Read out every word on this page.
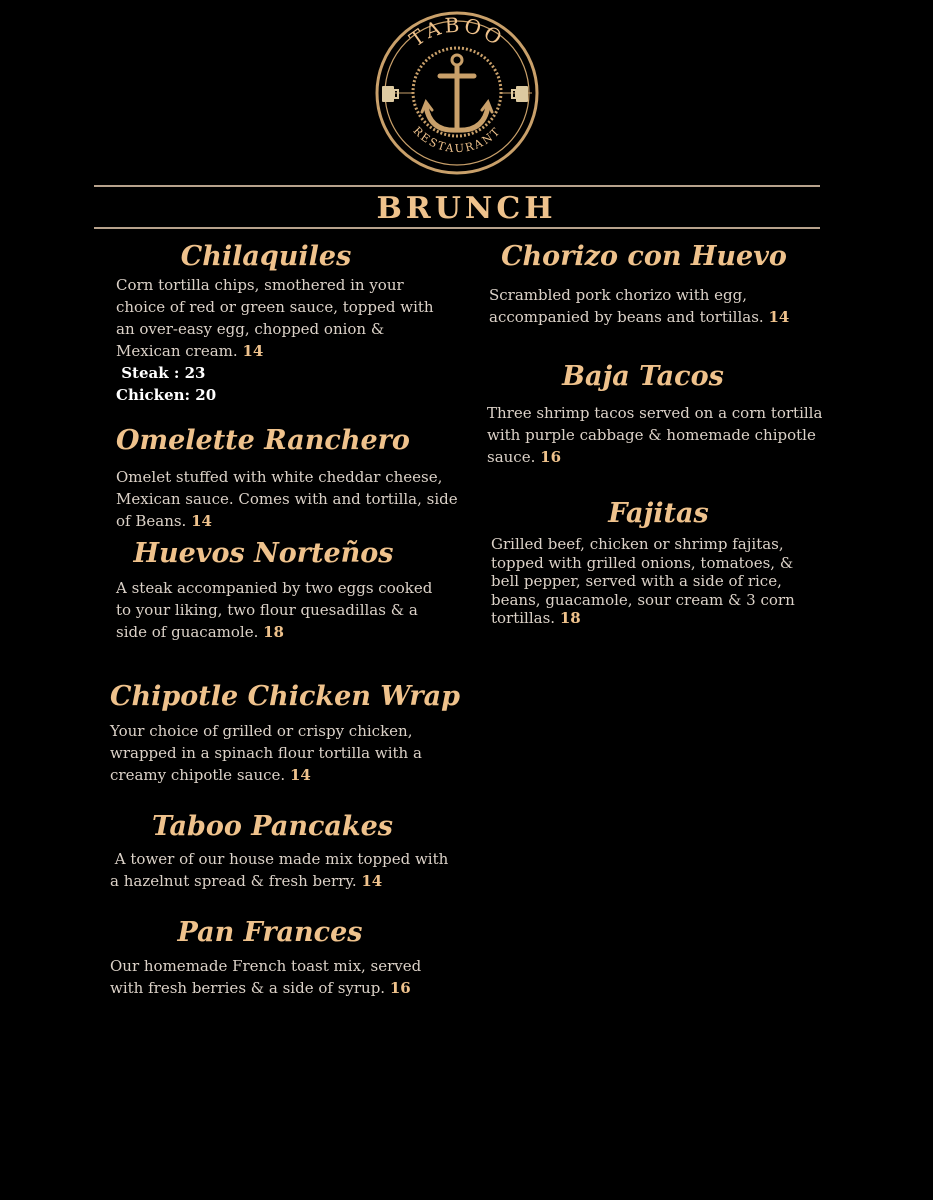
TABOO
RESTAURANT
BRUNCH
Chilaquiles

Corn tortilla chips, smothered in your choice of red or green sauce, topped with an over-easy egg, chopped onion & Mexican cream. 14

Steak : 23
Chicken: 20
Omelette Ranchero

Omelet stuffed with white cheddar cheese, Mexican sauce. Comes with and tortilla, side of Beans. 14

Huevos Norteños

A steak accompanied by two eggs cooked to your liking, two flour quesadillas & a side of guacamole. 18

Chipotle Chicken Wrap

Your choice of grilled or crispy chicken, wrapped in a spinach flour tortilla with a creamy chipotle sauce. 14

Taboo Pancakes

A tower of our house made mix topped with a hazelnut spread & fresh berry. 14

Pan Frances

Our homemade French toast mix, served with fresh berries & a side of syrup. 16

Chorizo con Huevo

Scrambled pork chorizo with egg, accompanied by beans and tortillas. 14

Baja Tacos

Three shrimp tacos served on a corn tortilla with purple cabbage & homemade chipotle sauce. 16

Fajitas

Grilled beef, chicken or shrimp fajitas, topped with grilled onions, tomatoes, & bell pepper, served with a side of rice, beans, guacamole, sour cream & 3 corn tortillas. 18
